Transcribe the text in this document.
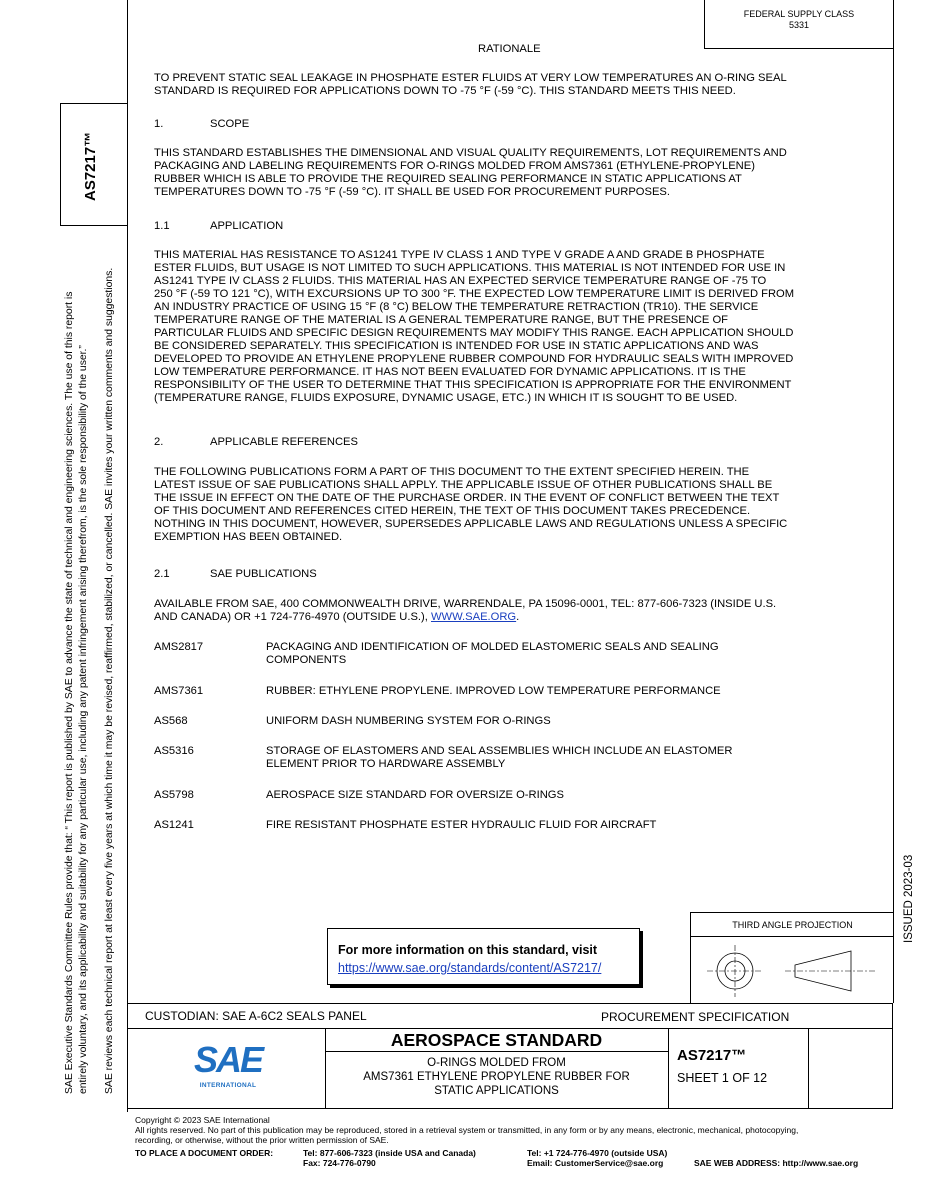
FEDERAL SUPPLY CLASS
5331
AS7217™
SAE Executive Standards Committee Rules provide that: “ This report is published by SAE to advance the state of technical and engineering sciences. The use of this report is entirely voluntary, and its applicability and suitability for any particular use, including any patent infringement arising therefrom, is the sole responsibility of the user.” SAE reviews each technical report at least every five years at which time it may be revised, reaffirmed, stabilized, or cancelled. SAE invites your written comments and suggestions.	ISSUED 2023-03
RATIONALE
TO PREVENT STATIC SEAL LEAKAGE IN PHOSPHATE ESTER FLUIDS AT VERY LOW TEMPERATURES AN O-RING SEAL
STANDARD IS REQUIRED FOR APPLICATIONS DOWN TO -75 °F (-59 °C). THIS STANDARD MEETS THIS NEED.
1.	SCOPE
THIS STANDARD ESTABLISHES THE DIMENSIONAL AND VISUAL QUALITY REQUIREMENTS, LOT REQUIREMENTS AND
PACKAGING AND LABELING REQUIREMENTS FOR O-RINGS MOLDED FROM AMS7361 (ETHYLENE-PROPYLENE)
RUBBER WHICH IS ABLE TO PROVIDE THE REQUIRED SEALING PERFORMANCE IN STATIC APPLICATIONS AT
TEMPERATURES DOWN TO -75 °F (-59 °C). IT SHALL BE USED FOR PROCUREMENT PURPOSES.
1.1	APPLICATION
THIS MATERIAL HAS RESISTANCE TO AS1241 TYPE IV CLASS 1 AND TYPE V GRADE A AND GRADE B PHOSPHATE
ESTER FLUIDS, BUT USAGE IS NOT LIMITED TO SUCH APPLICATIONS. THIS MATERIAL IS NOT INTENDED FOR USE IN
AS1241 TYPE IV CLASS 2 FLUIDS. THIS MATERIAL HAS AN EXPECTED SERVICE TEMPERATURE RANGE OF -75 TO
250 °F (-59 TO 121 °C), WITH EXCURSIONS UP TO 300 °F. THE EXPECTED LOW TEMPERATURE LIMIT IS DERIVED FROM
AN INDUSTRY PRACTICE OF USING 15 °F (8 °C) BELOW THE TEMPERATURE RETRACTION (TR10). THE SERVICE
TEMPERATURE RANGE OF THE MATERIAL IS A GENERAL TEMPERATURE RANGE, BUT THE PRESENCE OF
PARTICULAR FLUIDS AND SPECIFIC DESIGN REQUIREMENTS MAY MODIFY THIS RANGE. EACH APPLICATION SHOULD
BE CONSIDERED SEPARATELY. THIS SPECIFICATION IS INTENDED FOR USE IN STATIC APPLICATIONS AND WAS
DEVELOPED TO PROVIDE AN ETHYLENE PROPYLENE RUBBER COMPOUND FOR HYDRAULIC SEALS WITH IMPROVED
LOW TEMPERATURE PERFORMANCE. IT HAS NOT BEEN EVALUATED FOR DYNAMIC APPLICATIONS. IT IS THE
RESPONSIBILITY OF THE USER TO DETERMINE THAT THIS SPECIFICATION IS APPROPRIATE FOR THE ENVIRONMENT
(TEMPERATURE RANGE, FLUIDS EXPOSURE, DYNAMIC USAGE, ETC.) IN WHICH IT IS SOUGHT TO BE USED.
2.	APPLICABLE REFERENCES
THE FOLLOWING PUBLICATIONS FORM A PART OF THIS DOCUMENT TO THE EXTENT SPECIFIED HEREIN. THE
LATEST ISSUE OF SAE PUBLICATIONS SHALL APPLY. THE APPLICABLE ISSUE OF OTHER PUBLICATIONS SHALL BE
THE ISSUE IN EFFECT ON THE DATE OF THE PURCHASE ORDER. IN THE EVENT OF CONFLICT BETWEEN THE TEXT
OF THIS DOCUMENT AND REFERENCES CITED HEREIN, THE TEXT OF THIS DOCUMENT TAKES PRECEDENCE.
NOTHING IN THIS DOCUMENT, HOWEVER, SUPERSEDES APPLICABLE LAWS AND REGULATIONS UNLESS A SPECIFIC
EXEMPTION HAS BEEN OBTAINED.
2.1	SAE PUBLICATIONS
AVAILABLE FROM SAE, 400 COMMONWEALTH DRIVE, WARRENDALE, PA 15096-0001, TEL: 877-606-7323 (INSIDE U.S.
AND CANADA) OR +1 724-776-4970 (OUTSIDE U.S.), WWW.SAE.ORG.
AMS2817	PACKAGING AND IDENTIFICATION OF MOLDED ELASTOMERIC SEALS AND SEALING
COMPONENTS
AMS7361	RUBBER: ETHYLENE PROPYLENE. IMPROVED LOW TEMPERATURE PERFORMANCE
AS568	UNIFORM DASH NUMBERING SYSTEM FOR O-RINGS
AS5316	STORAGE OF ELASTOMERS AND SEAL ASSEMBLIES WHICH INCLUDE AN ELASTOMER
ELEMENT PRIOR TO HARDWARE ASSEMBLY
AS5798	AEROSPACE SIZE STANDARD FOR OVERSIZE O-RINGS
AS1241	FIRE RESISTANT PHOSPHATE ESTER HYDRAULIC FLUID FOR AIRCRAFT
For more information on this standard, visit
https://www.sae.org/standards/content/AS7217/
THIRD ANGLE PROJECTION
CUSTODIAN: SAE A-6C2 SEALS PANEL	PROCUREMENT SPECIFICATION
SAE
INTERNATIONAL
AEROSPACE STANDARD
O-RINGS MOLDED FROM
AMS7361 ETHYLENE PROPYLENE RUBBER FOR
STATIC APPLICATIONS
AS7217™
SHEET 1 OF 12
Copyright © 2023 SAE International
All rights reserved. No part of this publication may be reproduced, stored in a retrieval system or transmitted, in any form or by any means, electronic, mechanical, photocopying,
recording, or otherwise, without the prior written permission of SAE.
TO PLACE A DOCUMENT ORDER:	Tel: 877-606-7323 (inside USA and Canada)
Fax: 724-776-0790
Tel: +1 724-776-4970 (outside USA)
Email: CustomerService@sae.org	SAE WEB ADDRESS: http://www.sae.org
